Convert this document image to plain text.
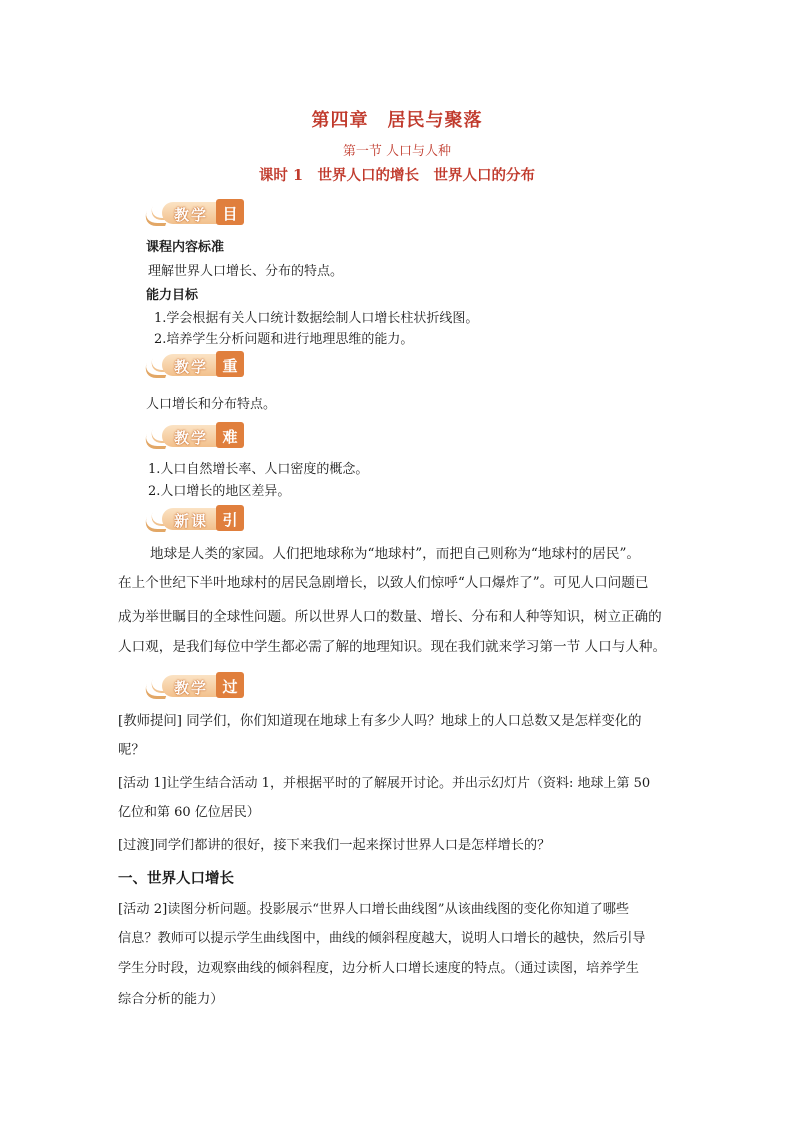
第四章　居民与聚落
第一节 人口与人种
课时 1　世界人口的增长　世界人口的分布
教学 目标
课程内容标准
理解世界人口增长、分布的特点。
能力目标
1.学会根据有关人口统计数据绘制人口增长柱状折线图。
2.培养学生分析问题和进行地理思维的能力。
教学 重点
人口增长和分布特点。
教学 难点
1.人口自然增长率、人口密度的概念。
2.人口增长的地区差异。
新课 引入
地球是人类的家园。人们把地球称为“地球村”，而把自己则称为“地球村的居民”。
在上个世纪下半叶地球村的居民急剧增长，以致人们惊呼“人口爆炸了”。可见人口问题已
成为举世瞩目的全球性问题。所以世界人口的数量、增长、分布和人种等知识，树立正确的
人口观，是我们每位中学生都必需了解的地理知识。现在我们就来学习第一节 人口与人种。
教学 过程
[教师提问] 同学们，你们知道现在地球上有多少人吗？地球上的人口总数又是怎样变化的
呢？
[活动 1]让学生结合活动 1，并根据平时的了解展开讨论。并出示幻灯片（资料: 地球上第 50
亿位和第 60 亿位居民）
[过渡]同学们都讲的很好，接下来我们一起来探讨世界人口是怎样增长的？
一、世界人口增长
[活动 2]读图分析问题。投影展示“世界人口增长曲线图”从该曲线图的变化你知道了哪些
信息？教师可以提示学生曲线图中，曲线的倾斜程度越大，说明人口增长的越快，然后引导
学生分时段，边观察曲线的倾斜程度，边分析人口增长速度的特点。（通过读图，培养学生
综合分析的能力）
